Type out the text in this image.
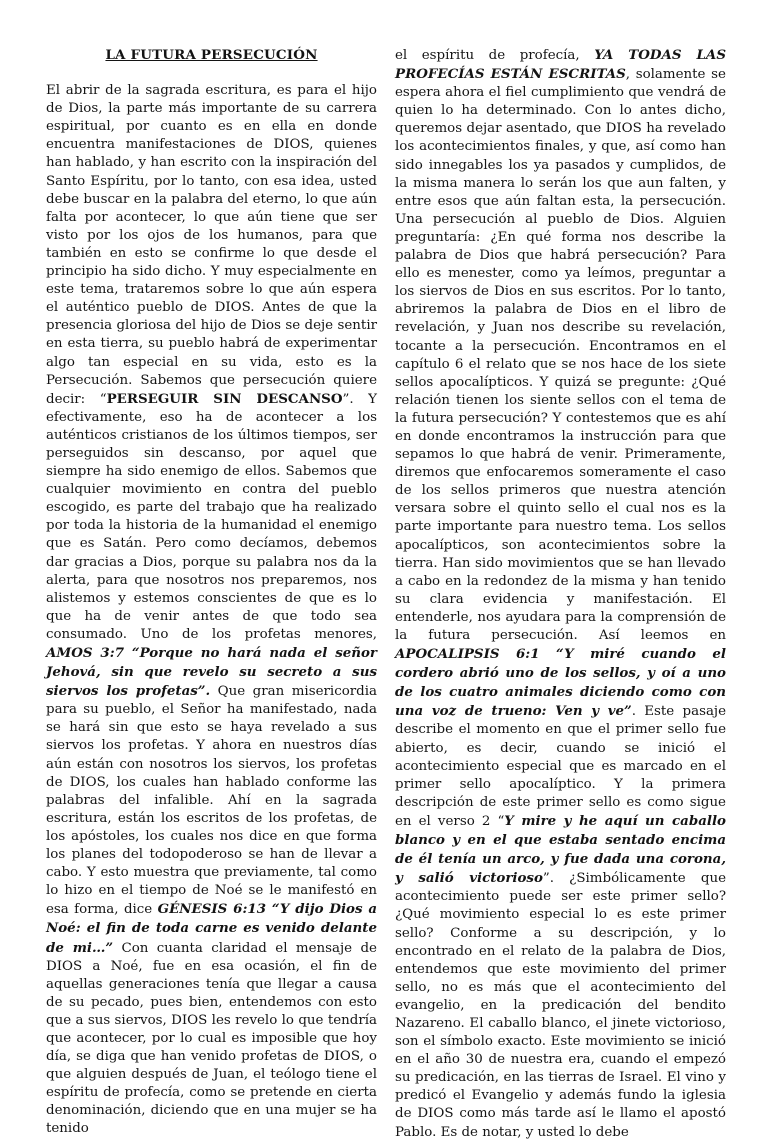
LA FUTURA PERSECUCIÓN

El abrir de la sagrada escritura, es para el hijo de Dios, la parte más importante de su carrera espiritual, por cuanto es en ella en donde encuentra manifestaciones de DIOS, quienes han hablado, y han escrito con la inspiración del Santo Espíritu, por lo tanto, con esa idea, usted debe buscar en la palabra del eterno, lo que aún falta por acontecer, lo que aún tiene que ser visto por los ojos de los humanos, para que también en esto se confirme lo que desde el principio ha sido dicho. Y muy especialmente en este tema, trataremos sobre lo que aún espera el auténtico pueblo de DIOS. Antes de que la presencia gloriosa del hijo de Dios se deje sentir en esta tierra, su pueblo habrá de experimentar algo tan especial en su vida, esto es la Persecución. Sabemos que persecución quiere decir: “PERSEGUIR SIN DESCANSO”. Y efectivamente, eso ha de acontecer a los auténticos cristianos de los últimos tiempos, ser perseguidos sin descanso, por aquel que siempre ha sido enemigo de ellos. Sabemos que cualquier movimiento en contra del pueblo escogido, es parte del trabajo que ha realizado por toda la historia de la humanidad el enemigo que es Satán. Pero como decíamos, debemos dar gracias a Dios, porque su palabra nos da la alerta, para que nosotros nos preparemos, nos alistemos y estemos conscientes de que es lo que ha de venir antes de que todo sea consumado. Uno de los profetas menores, AMOS 3:7 “Porque no hará nada el señor Jehová, sin que revelo su secreto a sus siervos los profetas”. Que gran misericordia para su pueblo, el Señor ha manifestado, nada se hará sin que esto se haya revelado a sus siervos los profetas. Y ahora en nuestros días aún están con nosotros los siervos, los profetas de DIOS, los cuales han hablado conforme las palabras del infalible. Ahí en la sagrada escritura, están los escritos de los profetas, de los apóstoles, los cuales nos dice en que forma los planes del todopoderoso se han de llevar a cabo. Y esto muestra que previamente, tal como lo hizo en el tiempo de Noé se le manifestó en esa forma, dice GÉNESIS 6:13 “Y dijo Dios a Noé: el fin de toda carne es venido delante de mi…” Con cuanta claridad el mensaje de DIOS a Noé, fue en esa ocasión, el fin de aquellas generaciones tenía que llegar a causa de su pecado, pues bien, entendemos con esto que a sus siervos, DIOS les revelo lo que tendría que acontecer, por lo cual es imposible que hoy día, se diga que han venido profetas de DIOS, o que alguien después de Juan, el teólogo tiene el espíritu de profecía, como se pretende en cierta denominación, diciendo que en una mujer se ha tenido

el espíritu de profecía, YA TODAS LAS PROFECÍAS ESTÁN ESCRITAS, solamente se espera ahora el fiel cumplimiento que vendrá de quien lo ha determinado. Con lo antes dicho, queremos dejar asentado, que DIOS ha revelado los acontecimientos finales, y que, así como han sido innegables los ya pasados y cumplidos, de la misma manera lo serán los que aun falten, y entre esos que aún faltan esta, la persecución. Una persecución al pueblo de Dios. Alguien preguntaría: ¿En qué forma nos describe la palabra de Dios que habrá persecución? Para ello es menester, como ya leímos, preguntar a los siervos de Dios en sus escritos. Por lo tanto, abriremos la palabra de Dios en el libro de revelación, y Juan nos describe su revelación, tocante a la persecución. Encontramos en el capítulo 6 el relato que se nos hace de los siete sellos apocalípticos. Y quizá se pregunte: ¿Qué relación tienen los siente sellos con el tema de la futura persecución? Y contestemos que es ahí en donde encontramos la instrucción para que sepamos lo que habrá de venir. Primeramente, diremos que enfocaremos someramente el caso de los sellos primeros que nuestra atención versara sobre el quinto sello el cual nos es la parte importante para nuestro tema. Los sellos apocalípticos, son acontecimientos sobre la tierra. Han sido movimientos que se han llevado a cabo en la redondez de la misma y han tenido su clara evidencia y manifestación. El entenderle, nos ayudara para la comprensión de la futura persecución. Así leemos en APOCALIPSIS 6:1 “Y miré cuando el cordero abrió uno de los sellos, y oí a uno de los cuatro animales diciendo como con una voz de trueno: Ven y ve”. Este pasaje describe el momento en que el primer sello fue abierto, es decir, cuando se inició el acontecimiento especial que es marcado en el primer sello apocalíptico. Y la primera descripción de este primer sello es como sigue en el verso 2 “Y mire y he aquí un caballo blanco y en el que estaba sentado encima de él tenía un arco, y fue dada una corona, y salió victorioso”. ¿Simbólicamente que acontecimiento puede ser este primer sello? ¿Qué movimiento especial lo es este primer sello? Conforme a su descripción, y lo encontrado en el relato de la palabra de Dios, entendemos que este movimiento del primer sello, no es más que el acontecimiento del evangelio, en la predicación del bendito Nazareno. El caballo blanco, el jinete victorioso, son el símbolo exacto. Este movimiento se inició en el año 30 de nuestra era, cuando el empezó su predicación, en las tierras de Israel. El vino y predicó el Evangelio y además fundo la iglesia de DIOS como más tarde así le llamo el apostó Pablo. Es de notar, y usted lo debe
